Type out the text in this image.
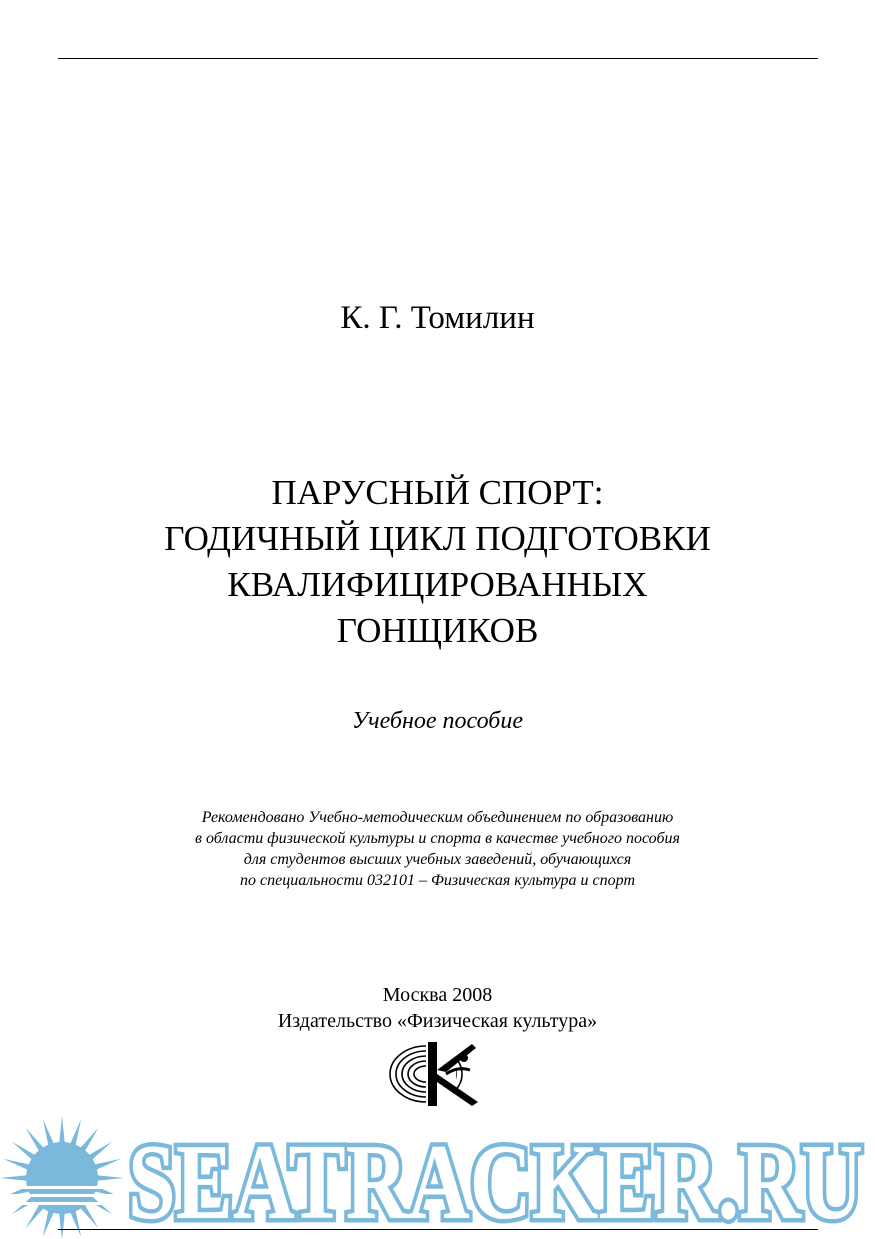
К. Г. Томилин
ПАРУСНЫЙ СПОРТ:
ГОДИЧНЫЙ ЦИКЛ ПОДГОТОВКИ
КВАЛИФИЦИРОВАННЫХ
ГОНЩИКОВ
Учебное пособие
Рекомендовано Учебно-методическим объединением по образованию
в области физической культуры и спорта в качестве учебного пособия
для студентов высших учебных заведений, обучающихся
по специальности 032101 – Физическая культура и спорт
Москва 2008
Издательство «Физическая культура»
SEATRACKER.RU
